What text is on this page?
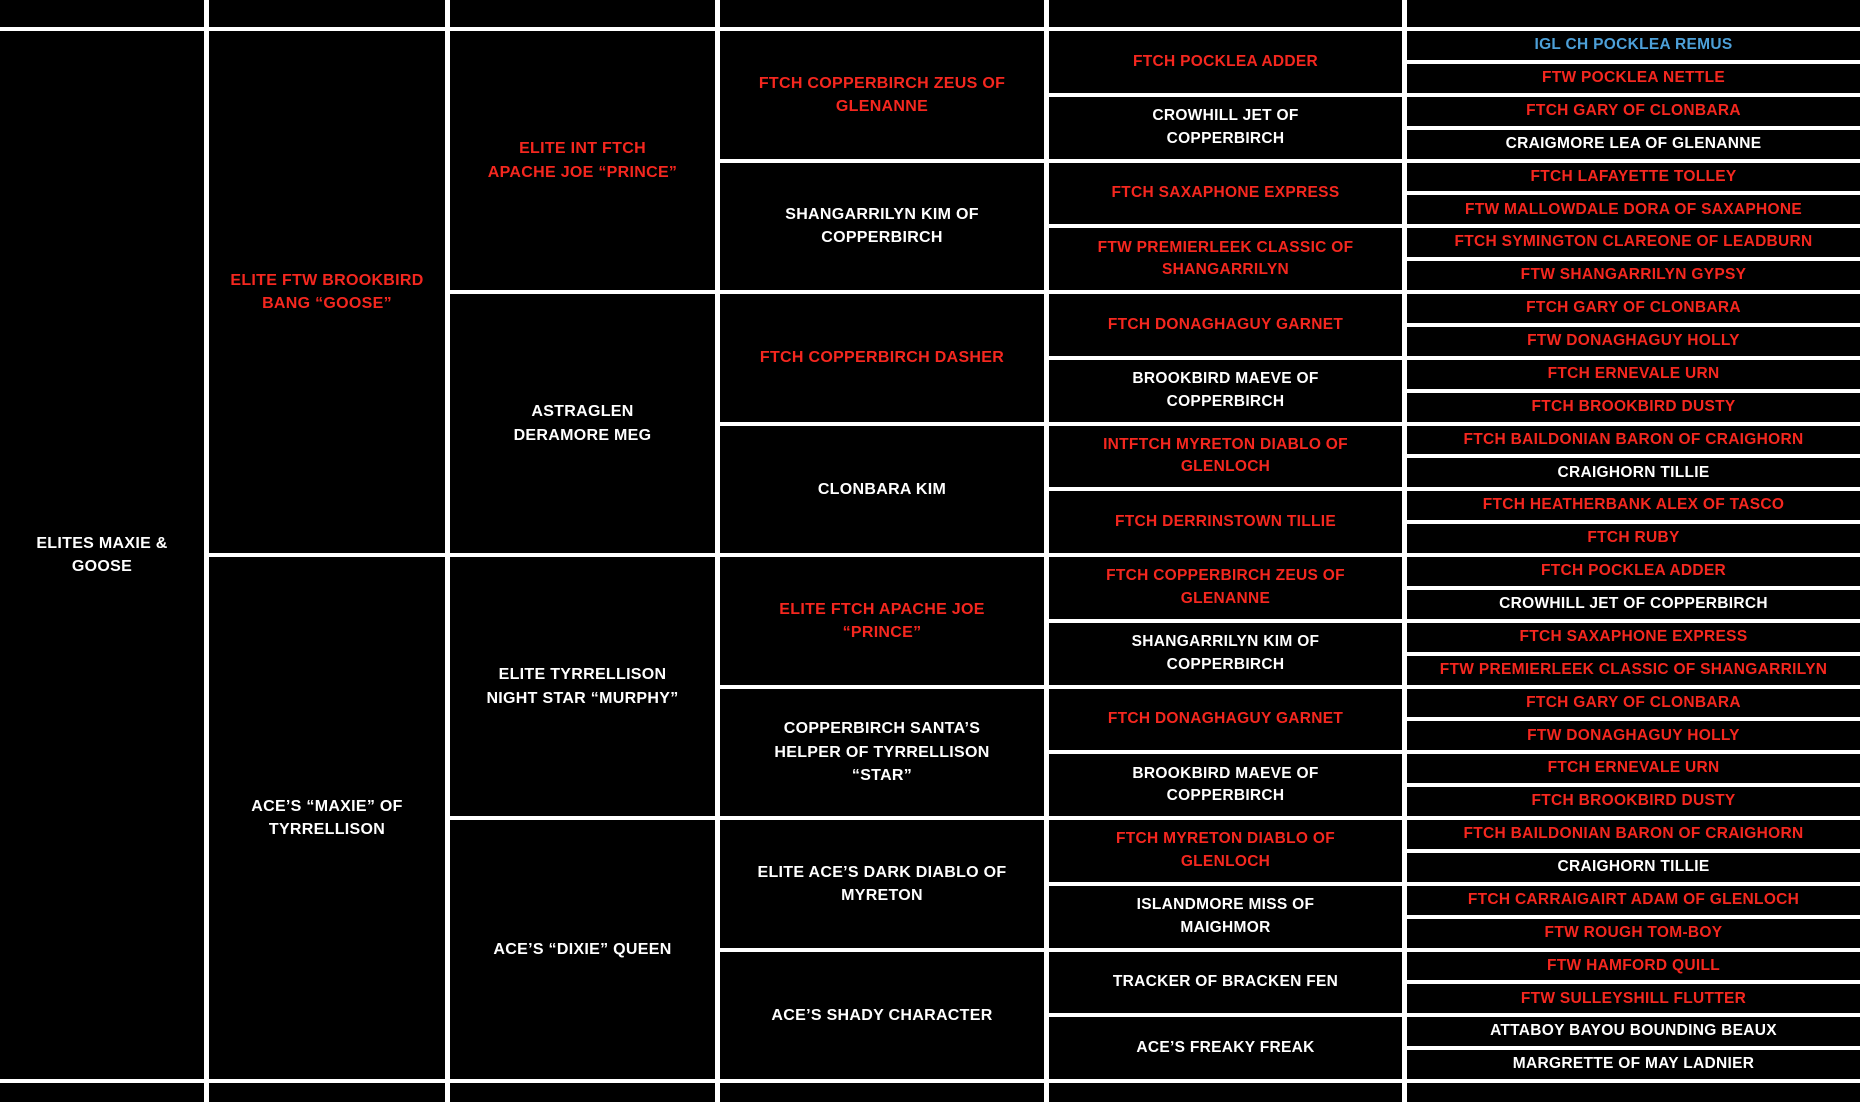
ELITES MAXIE & GOOSE
ELITE FTW BROOKBIRD BANG “GOOSE”
ACE’S “MAXIE” OF TYRRELLISON
ELITE INT FTCH APACHE JOE “PRINCE”
ASTRAGLEN DERAMORE MEG
ELITE TYRRELLISON NIGHT STAR “MURPHY”
ACE’S “DIXIE” QUEEN
FTCH COPPERBIRCH ZEUS OF GLENANNE
SHANGARRILYN KIM OF COPPERBIRCH
FTCH COPPERBIRCH DASHER
CLONBARA KIM
ELITE FTCH APACHE JOE “PRINCE”
COPPERBIRCH SANTA’S HELPER OF TYRRELLISON “STAR”
ELITE ACE’S DARK DIABLO OF MYRETON
ACE’S SHADY CHARACTER
FTCH POCKLEA ADDER
CROWHILL JET OF COPPERBIRCH
FTCH SAXAPHONE EXPRESS
FTW PREMIERLEEK CLASSIC OF SHANGARRILYN
FTCH DONAGHAGUY GARNET
BROOKBIRD MAEVE OF COPPERBIRCH
INTFTCH MYRETON DIABLO OF GLENLOCH
FTCH DERRINSTOWN TILLIE
FTCH COPPERBIRCH ZEUS OF GLENANNE
SHANGARRILYN KIM OF COPPERBIRCH
FTCH DONAGHAGUY GARNET
BROOKBIRD MAEVE OF COPPERBIRCH
FTCH MYRETON DIABLO OF GLENLOCH
ISLANDMORE MISS OF MAIGHMOR
TRACKER OF BRACKEN FEN
ACE’S FREAKY FREAK
IGL CH POCKLEA REMUS
FTW POCKLEA NETTLE
FTCH GARY OF CLONBARA
CRAIGMORE LEA OF GLENANNE
FTCH LAFAYETTE TOLLEY
FTW MALLOWDALE DORA OF SAXAPHONE
FTCH SYMINGTON CLAREONE OF LEADBURN
FTW SHANGARRILYN GYPSY
FTCH GARY OF CLONBARA
FTW DONAGHAGUY HOLLY
FTCH ERNEVALE URN
FTCH BROOKBIRD DUSTY
FTCH BAILDONIAN BARON OF CRAIGHORN
CRAIGHORN TILLIE
FTCH HEATHERBANK ALEX OF TASCO
FTCH RUBY
FTCH POCKLEA ADDER
CROWHILL JET OF COPPERBIRCH
FTCH SAXAPHONE EXPRESS
FTW PREMIERLEEK CLASSIC OF SHANGARRILYN
FTCH GARY OF CLONBARA
FTW DONAGHAGUY HOLLY
FTCH ERNEVALE URN
FTCH BROOKBIRD DUSTY
FTCH BAILDONIAN BARON OF CRAIGHORN
CRAIGHORN TILLIE
FTCH CARRAIGAIRT ADAM OF GLENLOCH
FTW ROUGH TOM-BOY
FTW HAMFORD QUILL
FTW SULLEYSHILL FLUTTER
ATTABOY BAYOU BOUNDING BEAUX
MARGRETTE OF MAY LADNIER
